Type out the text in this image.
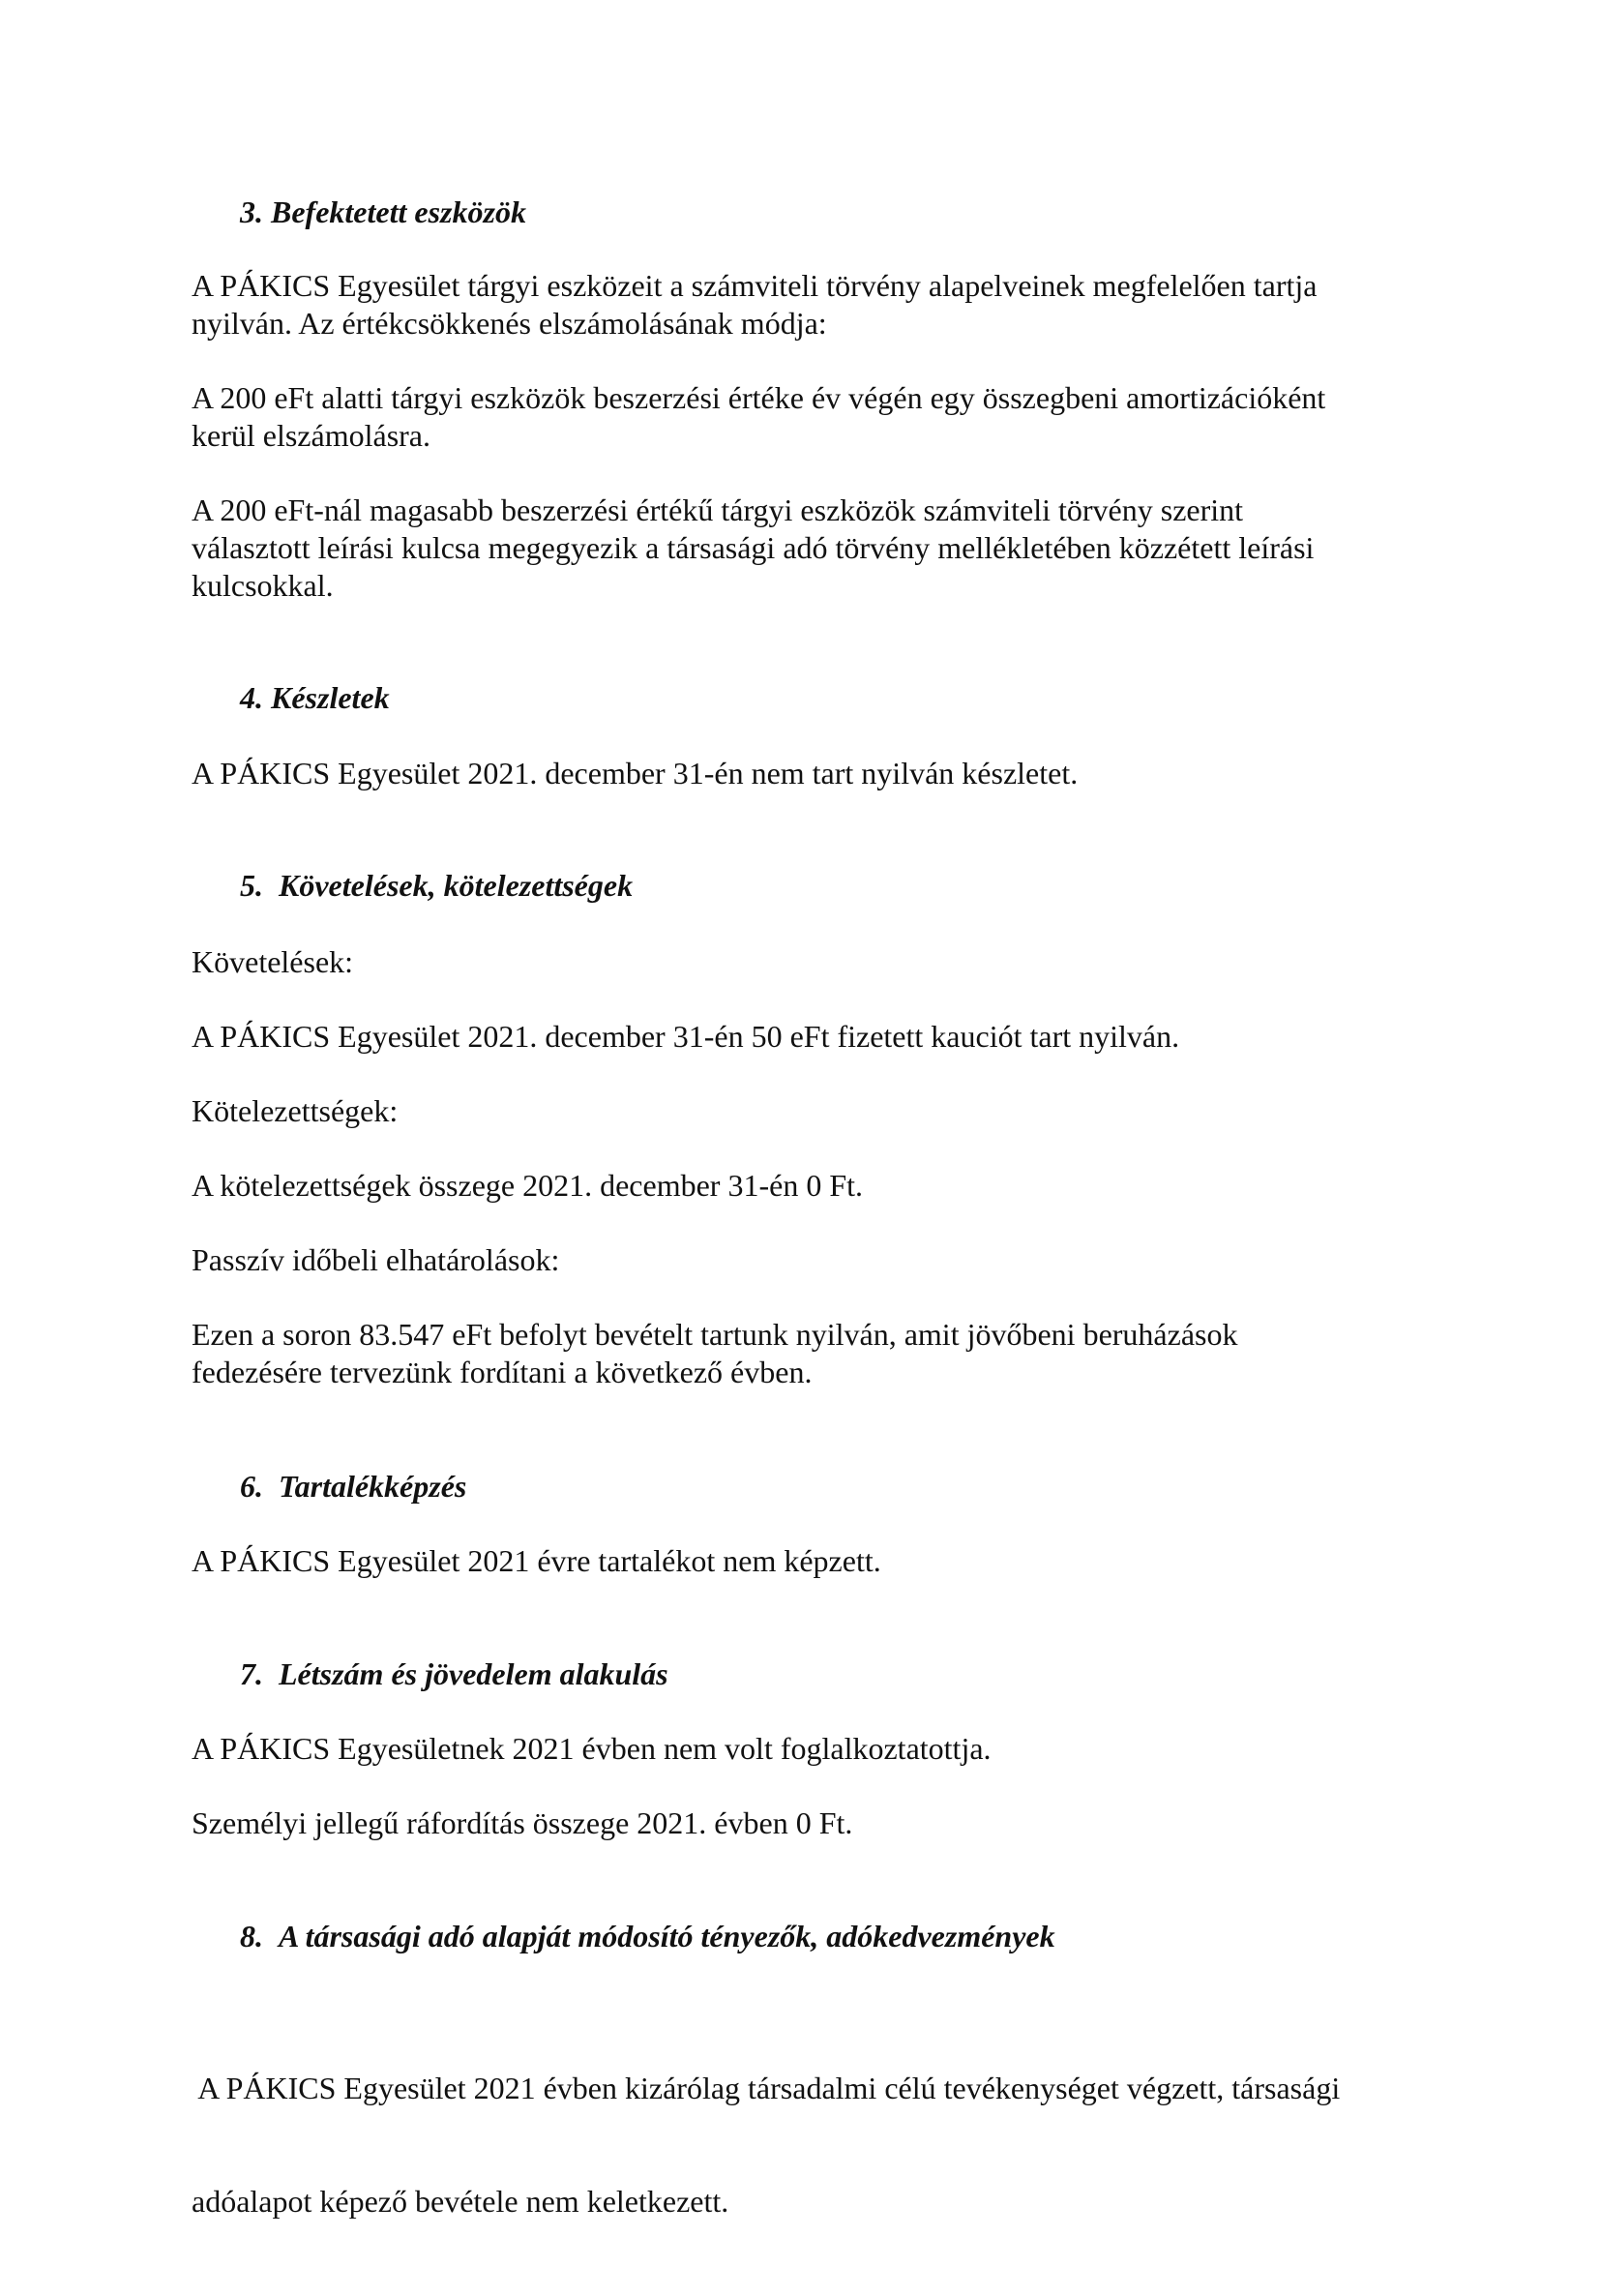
3. Befektetett eszközök
A PÁKICS Egyesület tárgyi eszközeit a számviteli törvény alapelveinek megfelelően tartja
nyilván. Az értékcsökkenés elszámolásának módja:
A 200 eFt alatti tárgyi eszközök beszerzési értéke év végén egy összegbeni amortizációként
kerül elszámolásra.
A 200 eFt-nál magasabb beszerzési értékű tárgyi eszközök számviteli törvény szerint
választott leírási kulcsa megegyezik a társasági adó törvény mellékletében közzétett leírási
kulcsokkal.
4. Készletek
A PÁKICS Egyesület 2021. december 31-én nem tart nyilván készletet.
5. Követelések, kötelezettségek
Követelések:
A PÁKICS Egyesület 2021. december 31-én 50 eFt fizetett kauciót tart nyilván.
Kötelezettségek:
A kötelezettségek összege 2021. december 31-én 0 Ft.
Passzív időbeli elhatárolások:
Ezen a soron 83.547 eFt befolyt bevételt tartunk nyilván, amit jövőbeni beruházások
fedezésére tervezünk fordítani a következő évben.
6. Tartalékképzés
A PÁKICS Egyesület 2021 évre tartalékot nem képzett.
7. Létszám és jövedelem alakulás
A PÁKICS Egyesületnek 2021 évben nem volt foglalkoztatottja.
Személyi jellegű ráfordítás összege 2021. évben 0 Ft.
8. A társasági adó alapját módosító tényezők, adókedvezmények

A PÁKICS Egyesület 2021 évben kizárólag társadalmi célú tevékenységet végzett, társasági

adóalapot képező bevétele nem keletkezett.
